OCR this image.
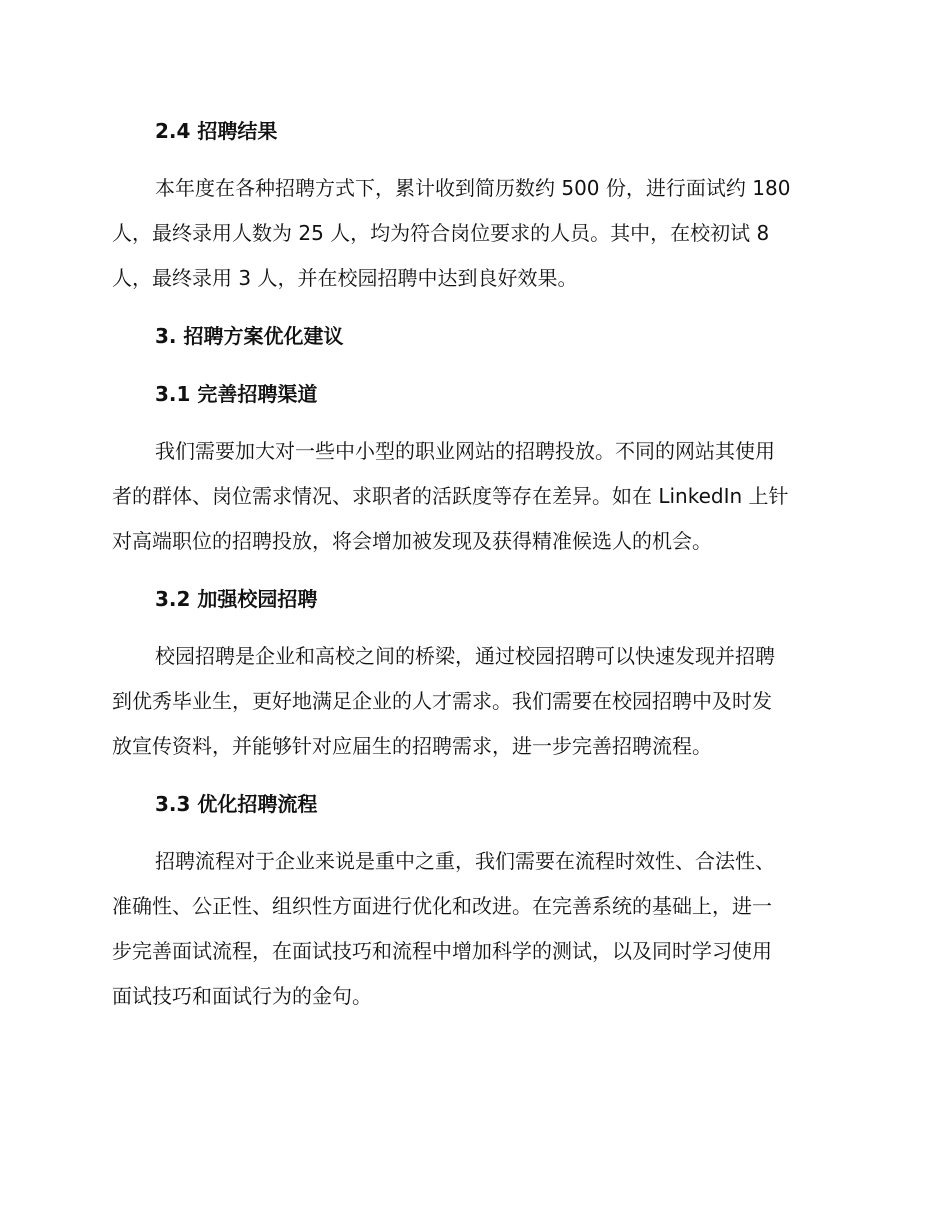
2.4 招聘结果
本年度在各种招聘方式下，累计收到简历数约 500 份，进行面试约 180
人，最终录用人数为 25 人，均为符合岗位要求的人员。其中，在校初试 8
人，最终录用 3 人，并在校园招聘中达到良好效果。
3. 招聘方案优化建议
3.1 完善招聘渠道
我们需要加大对一些中小型的职业网站的招聘投放。不同的网站其使用
者的群体、岗位需求情况、求职者的活跃度等存在差异。如在 LinkedIn 上针
对高端职位的招聘投放，将会增加被发现及获得精准候选人的机会。
3.2 加强校园招聘
校园招聘是企业和高校之间的桥梁，通过校园招聘可以快速发现并招聘
到优秀毕业生，更好地满足企业的人才需求。我们需要在校园招聘中及时发
放宣传资料，并能够针对应届生的招聘需求，进一步完善招聘流程。
3.3 优化招聘流程
招聘流程对于企业来说是重中之重，我们需要在流程时效性、合法性、
准确性、公正性、组织性方面进行优化和改进。在完善系统的基础上，进一
步完善面试流程，在面试技巧和流程中增加科学的测试，以及同时学习使用
面试技巧和面试行为的金句。
